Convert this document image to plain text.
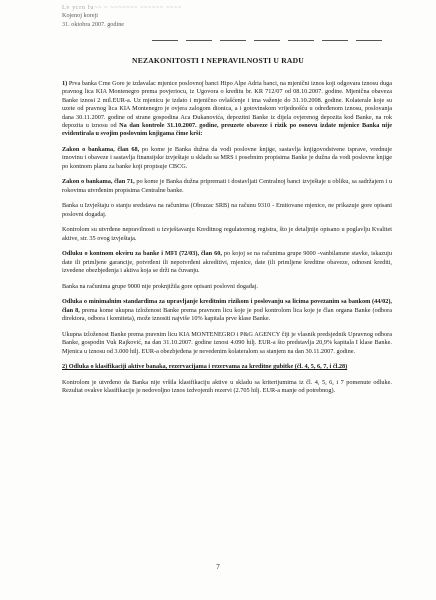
Lv ycrn fu~~ ~ ~~~~~~~ ~~~~~~ ~~~~
Kojenoj koreji
31. oktobra 2007. godine
NEZAKONITOSTI I NEPRAVILNOSTI U RADU

1) Prva banka Crne Gore je izdavalac mjenice poslovnoj banci Hipo Alpe Adria banci, na mjenični iznos koji odgovara iznosu duga pravnog lica KIA Montenegro prema povjeriocu, iz Ugovora o kreditu br. KR 712/07 od 08.10.2007. godine. Mjenična obaveza Banke iznosi 2 mil.EUR-a. Uz mjenicu je izdato i mjenično ovlašćenje i ima važenje do 31.10.2008. godine. Kolaterale koje su uzete od pravnog lica KIA Montenegro je ovjera zalogom dionica, a i gotovinskom vrijednošću u određenom iznosu, poslovanja dana 30.11.2007. godine od strane gospodina Aca Đukanovića, depozitni Banke iz dijela ovjerenog depozita kod Banke, na rok depozita u iznosu od Na dan kontrole 31.10.2007. godine, preuzete obaveze i rizik po osnovu izdate mjenice Banka nije evidentirala u svojim poslovnim knjigama čime krši:

Zakon o bankama, član 68, po kome je Banka dužna da vodi poslovne knjige, sastavlja knjigovodstvene isprave, vrednuje imovinu i obaveze i sastavlja finansijske izvještaje u skladu sa MRS i posebnim propisima Banke je dužna da vodi poslovne knjige po kontnom planu za banke koji propisuje CBCG.

Zakon o bankama, član 71, po kome je Banka dužna pripremati i dostavljati Centralnoj banci izvještaje u obliku, sa sadržajem i u rokovima utvrđenim propisima Centralne banke.

Banka u Izvještaju o stanju sredstava na računima (Obrazac SRB) na računu 9310 - Emitovane mjenice, ne prikazuje gore opisani poslovni događaj.

Kontrolom su utvrđene nepravilnosti u izvještavanju Kreditnog regulatornog registra, što je detaljnije opisano u poglavlju Kvalitet aktive, str. 35 ovog izvještaja.

Odluku o kontnom okviru za banke i MFI (72/03), član 60, po kojoj se na računima grupe 9000 -vanbilansne stavke, iskazuju date ili primljene garancije, potvrđeni ili nepotvrđeni akreditivi, mjenice, date (ili primljene kreditne obaveze, odnosni krediti, izvedene obezbjeđenja i aktiva koja se drži na čuvanju.

Banka na računima grupe 9000 nije proknjižila gore opisani poslovni događaj.

Odluka o minimalnim standardima za upravljanje kreditnim rizikom i poslovanju sa licima povezanim sa bankom (44/02), član 8, prema kome ukupna izloženost Banke prema pravnom licu koje je pod kontrolom lica koje je član organa Banke (odbora direktora, odbora i komiteta), može iznositi najviše 10% kapitala prve klase Banke.

Ukupna izloženost Banke prema pravnim licu KIA MONTENEGRO i P&G AGENCY čiji je vlasnik predsjednik Upravnog odbora Banke, gospodin Vuk Rajković, na dan 31.10.2007. godine iznosi 4.090 hilj. EUR-a što predstavlja 20,9% kapitala I klase Banke. Mjenica u iznosu od 3.000 hilj. EUR-a obezbjeđena je nevedenim kolateralom sa stanjem na dan 30.11.2007. godine.

2) Odluka o klasifikaciji aktive banaka, rezervacijama i rezervama za kreditne gubitke (čl. 4, 5, 6, 7, i čl.28)

Kontrolom je utvrđeno da Banka nije vršila klasifikaciju aktive u skladu sa kriterijumima iz čl. 4, 5, 6, i 7 pomenute odluke. Rezultat ovakve klasifikacije je nedovoljno iznos izdvojenih rezervi (2.705 hilj. EUR-a manje od potrebnog).

7
